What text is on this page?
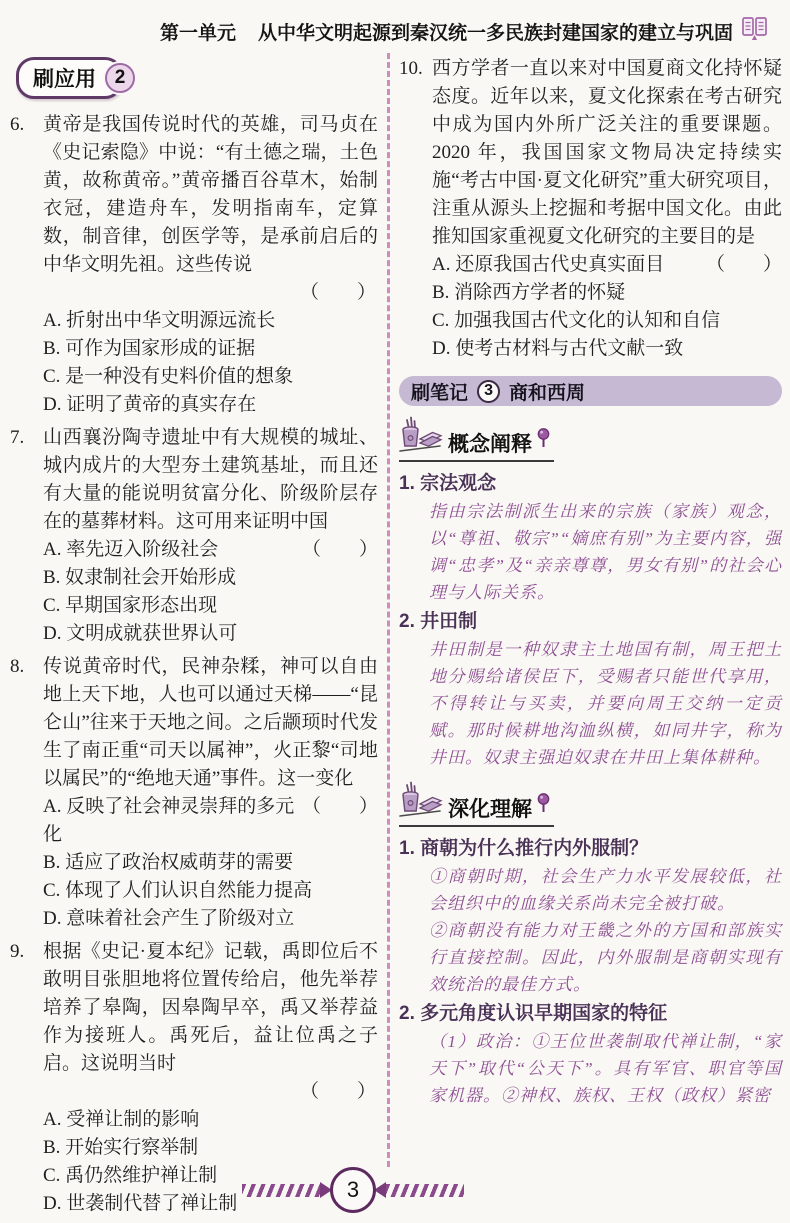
第一单元 从中华文明起源到秦汉统一多民族封建国家的建立与巩固
刷应用 2
6. 黄帝是我国传说时代的英雄，司马贞在《史记索隐》中说：“有土德之瑞，土色黄，故称黄帝。”黄帝播百谷草木，始制衣冠，建造舟车，发明指南车，定算数，制音律，创医学等，是承前启后的中华文明先祖。这些传说
（　　）
A. 折射出中华文明源远流长
B. 可作为国家形成的证据
C. 是一种没有史料价值的想象
D. 证明了黄帝的真实存在
7. 山西襄汾陶寺遗址中有大规模的城址、城内成片的大型夯土建筑基址，而且还有大量的能说明贫富分化、阶级阶层存在的墓葬材料。这可用来证明中国
（　　）
A. 率先迈入阶级社会
B. 奴隶制社会开始形成
C. 早期国家形态出现
D. 文明成就获世界认可
8. 传说黄帝时代，民神杂糅，神可以自由地上天下地，人也可以通过天梯——“昆仑山”往来于天地之间。之后颛顼时代发生了南正重“司天以属神”，火正黎“司地以属民”的“绝地天通”事件。这一变化
（　　）
A. 反映了社会神灵崇拜的多元化
B. 适应了政治权威萌芽的需要
C. 体现了人们认识自然能力提高
D. 意味着社会产生了阶级对立
9. 根据《史记·夏本纪》记载，禹即位后不敢明目张胆地将位置传给启，他先举荐培养了皋陶，因皋陶早卒，禹又举荐益作为接班人。禹死后，益让位禹之子启。这说明当时
（　　）
A. 受禅让制的影响
B. 开始实行察举制
C. 禹仍然维护禅让制
D. 世袭制代替了禅让制
10. 西方学者一直以来对中国夏商文化持怀疑态度。近年以来，夏文化探索在考古研究中成为国内外所广泛关注的重要课题。2020 年，我国国家文物局决定持续实施“考古中国·夏文化研究”重大研究项目，注重从源头上挖掘和考据中国文化。由此推知国家重视夏文化研究的主要目的是
（　　）
A. 还原我国古代史真实面目
B. 消除西方学者的怀疑
C. 加强我国古代文化的认知和自信
D. 使考古材料与古代文献一致
刷笔记	3 商和西周
概念阐释
1. 宗法观念

指由宗法制派生出来的宗族（家族）观念，以“尊祖、敬宗”“嫡庶有别”为主要内容，强调“忠孝”及“亲亲尊尊，男女有别”的社会心理与人际关系。

2. 井田制

井田制是一种奴隶主土地国有制，周王把土地分赐给诸侯臣下，受赐者只能世代享用，不得转让与买卖，并要向周王交纳一定贡赋。那时候耕地沟洫纵横，如同井字，称为井田。奴隶主强迫奴隶在井田上集体耕种。

深化理解
1. 商朝为什么推行内外服制？

①商朝时期，社会生产力水平发展较低，社会组织中的血缘关系尚未完全被打破。

②商朝没有能力对王畿之外的方国和部族实行直接控制。因此，内外服制是商朝实现有效统治的最佳方式。

2. 多元角度认识早期国家的特征

（1）政治：①王位世袭制取代禅让制，“家天下”取代“公天下”。具有军官、职官等国家机器。②神权、族权、王权（政权）紧密

3
